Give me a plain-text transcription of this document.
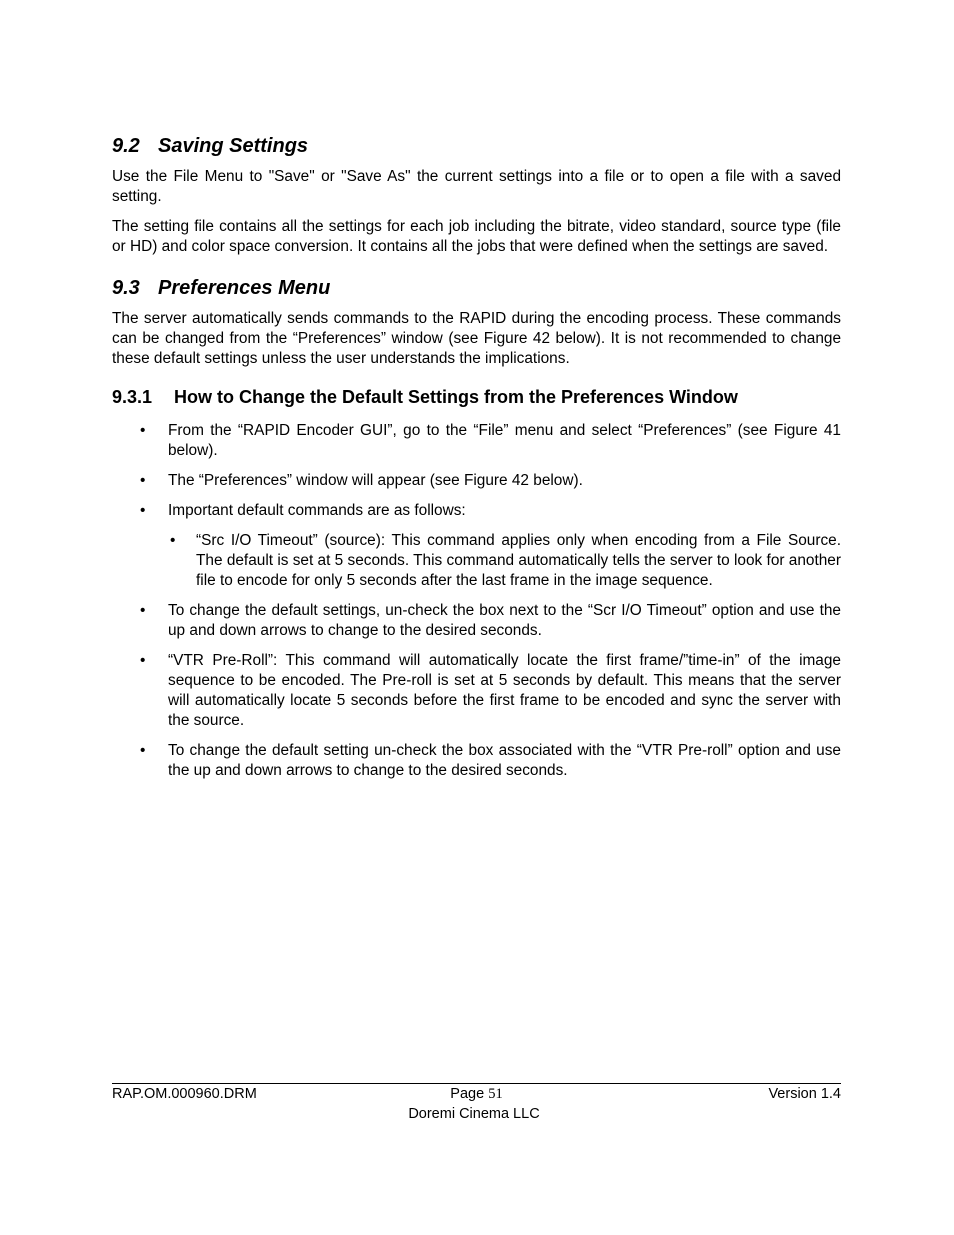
9.2 Saving Settings

Use the File Menu to "Save" or "Save As" the current settings into a file or to open a file with a saved setting.

The setting file contains all the settings for each job including the bitrate, video standard, source type (file or HD) and color space conversion. It contains all the jobs that were defined when the settings are saved.

9.3 Preferences Menu

The server automatically sends commands to the RAPID during the encoding process. These commands can be changed from the “Preferences” window (see Figure 42 below). It is not recommended to change these default settings unless the user understands the implications.

9.3.1 How to Change the Default Settings from the Preferences Window
• From the “RAPID Encoder GUI”, go to the “File” menu and select “Preferences” (see Figure 41 below).
• The “Preferences” window will appear (see Figure 42 below).
• Important default commands are as follows:
• “Src I/O Timeout” (source): This command applies only when encoding from a File Source. The default is set at 5 seconds. This command automatically tells the server to look for another file to encode for only 5 seconds after the last frame in the image sequence.
• To change the default settings, un-check the box next to the “Scr I/O Timeout” option and use the up and down arrows to change to the desired seconds.
• “VTR Pre-Roll”: This command will automatically locate the first frame/”time-in” of the image sequence to be encoded. The Pre-roll is set at 5 seconds by default. This means that the server will automatically locate 5 seconds before the first frame to be encoded and sync the server with the source.
• To change the default setting un-check the box associated with the “VTR Pre-roll” option and use the up and down arrows to change to the desired seconds.
RAP.OM.000960.DRM	Page 51	Version 1.4
Doremi Cinema LLC
